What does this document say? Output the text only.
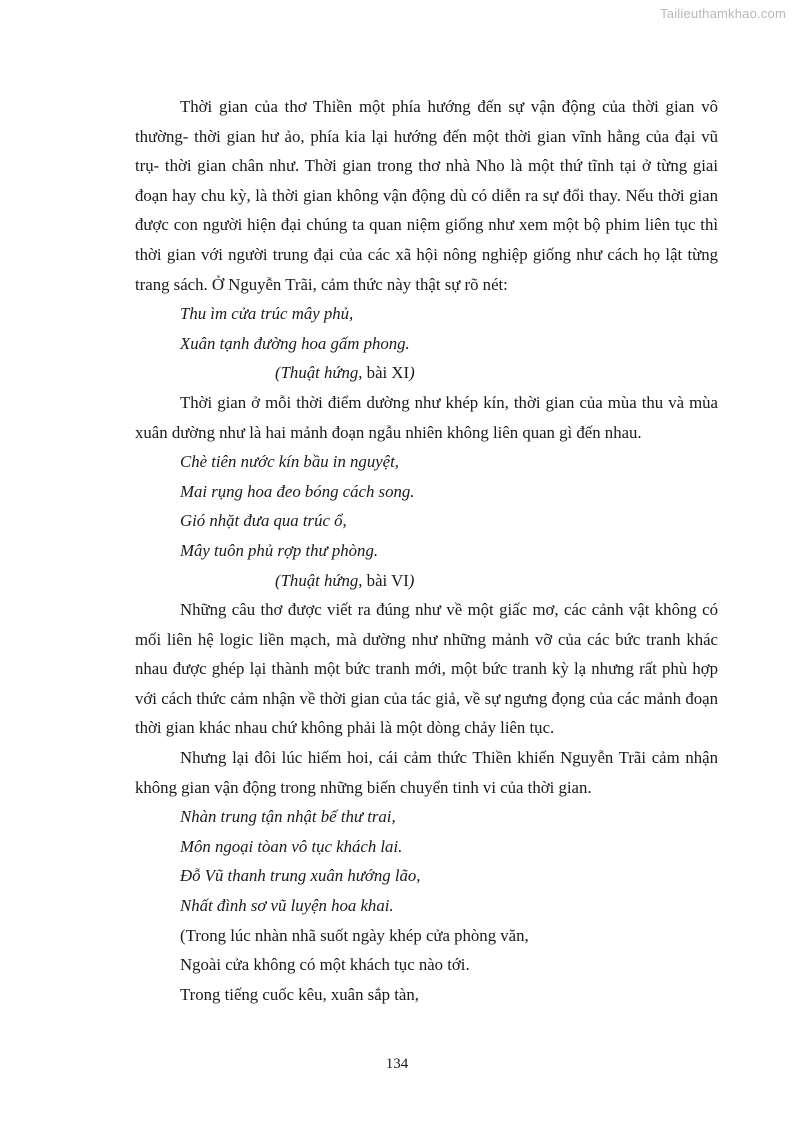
Tailieuthamkhao.com

Thời gian của thơ Thiền một phía hướng đến sự vận động của thời gian vô thường- thời gian hư ảo, phía kia lại hướng đến một thời gian vĩnh hằng của đại vũ trụ- thời gian chân như. Thời gian trong thơ nhà Nho là một thứ tĩnh tại ở từng giai đoạn hay chu kỳ, là thời gian không vận động dù có diễn ra sự đổi thay. Nếu thời gian được con người hiện đại chúng ta quan niệm giống như xem một bộ phim liên tục thì thời gian với người trung đại của các xã hội nông nghiệp giống như cách họ lật từng trang sách. Ở Nguyễn Trãi, cảm thức này thật sự rõ nét:

Thu ìm cửa trúc mây phủ,

Xuân tạnh đường hoa gấm phong.

(Thuật hứng, bài XI)

Thời gian ở mỗi thời điểm dường như khép kín, thời gian của mùa thu và mùa xuân dường như là hai mảnh đoạn ngẫu nhiên không liên quan gì đến nhau.

Chè tiên nước kín bầu in nguyệt,

Mai rụng hoa đeo bóng cách song.

Gió nhặt đưa qua trúc ổ,

Mây tuôn phủ rợp thư phòng.

(Thuật hứng, bài VI)

Những câu thơ được viết ra đúng như về một giấc mơ, các cảnh vật không có mối liên hệ logic liền mạch, mà dường như những mảnh vỡ của các bức tranh khác nhau được ghép lại thành một bức tranh mới, một bức tranh kỳ lạ nhưng rất phù hợp với cách thức cảm nhận về thời gian của tác giả, về sự ngưng đọng của các mảnh đoạn thời gian khác nhau chứ không phải là một dòng chảy liên tục.

Nhưng lại đôi lúc hiếm hoi, cái cảm thức Thiền khiến Nguyễn Trãi cảm nhận không gian vận động trong những biến chuyển tinh vi của thời gian.

Nhàn trung tận nhật bế thư trai,

Môn ngoại tòan vô tục khách lai.

Đỗ Vũ thanh trung xuân hướng lão,

Nhất đình sơ vũ luyện hoa khai.

(Trong lúc nhàn nhã suốt ngày khép cửa phòng văn,

Ngoài cửa không có một khách tục nào tới.

Trong tiếng cuốc kêu, xuân sắp tàn,

134
